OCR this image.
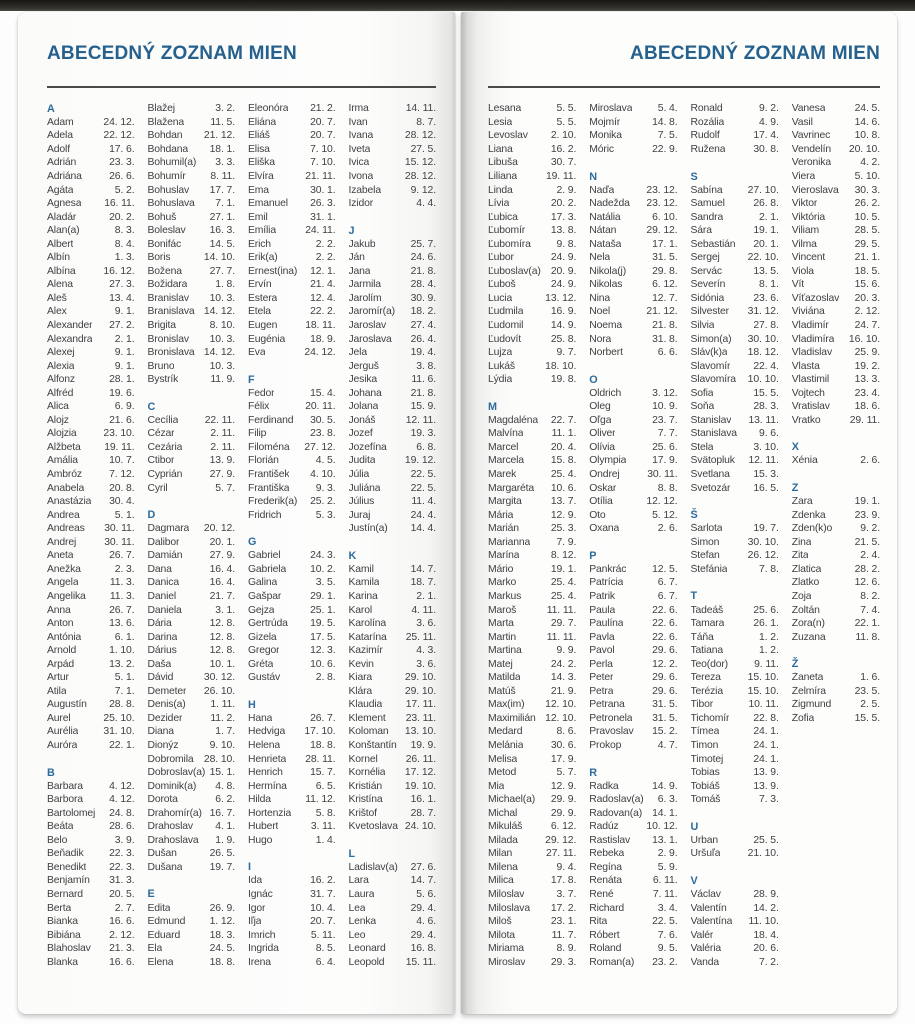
ABECEDNÝ ZOZNAM MIEN
A
Adam	24. 12.
Adela	22. 12.
Adolf	17. 6.
Adrián	23. 3.
Adriána	26. 6.
Agáta	5. 2.
Agnesa 16. 11.
Aladár	20. 2.
Alan(a)	8. 3.
Albert	8. 4.
Albín	1. 3.
Albína	16. 12.
Alena	27. 3.
Aleš	13. 4.
Alex	9. 1.
Alexander 27. 2.
Alexandra 2. 1.
Alexej	9. 1.
Alexia	9. 1.
Alfonz	28. 1.
Alfréd	19. 6.
Alica	6. 9.
Alojz	21. 6.
Alojzia	23. 10.
Alžbeta 19. 11.
Amália	10. 7.
Ambróz	7. 12.
Anabela 20. 8.
Anastázia 30. 4.
Andrea	5. 1.
Andreas 30. 11.
Andrej	30. 11.
Aneta	26. 7.
Anežka	2. 3.
Angela	11. 3.
Angelika 11. 3.
Anna	26. 7.
Anton	13. 6.
Antónia	6. 1.
Arnold	1. 10.
Arpád	13. 2.
Artur	5. 1.
Atila	7. 1.
Augustín 28. 8.
Aurel	25. 10.
Aurélia 31. 10.
Auróra	22. 1.
B
Barbara	4. 12.
Barbora	4. 12.
Bartolomej 24. 8.
Beáta	28. 6.
Belo	3. 9.
Beňadik 22. 3.
Benedikt 22. 3.
Benjamín 31. 3.
Bernard	20. 5.
Berta	2. 7.
Bianka	16. 6.
Bibiána	2. 12.
Blahoslav 21. 3.
Blanka	16. 6.
Blažej	3. 2.
Blažena	11. 5.
Bohdan 21. 12.
Bohdana 18. 1.
Bohumil(a) 3. 3.
Bohumír 8. 11.
Bohuslav 17. 7.
Bohuslava 7. 1.
Bohuš	27. 1.
Boleslav 16. 3.
Bonifác	14. 5.
Boris	14. 10.
Božena	27. 7.
Božidara	1. 8.
Branislav 10. 3.
Branislava 14. 12.
Brigita	8. 10.
Bronislav 10. 3.
Bronislava 14. 12.
Bruno	10. 3.
Bystrík	11. 9.
C
Cecília	22. 11.
Cézar	2. 11.
Cezária	2. 11.
Ctibor	13. 9.
Cyprián	27. 9.
Cyril	5. 7.
D
Dagmara 20. 12.
Dalibor	20. 1.
Damián	27. 9.
Dana	16. 4.
Danica	16. 4.
Daniel	21. 7.
Daniela	3. 1.
Dária	12. 8.
Darina	12. 8.
Dárius	12. 8.
Daša	10. 1.
Dávid	30. 12.
Demeter 26. 10.
Denis(a) 1. 11.
Dezider	11. 2.
Diana	1. 7.
Dionýz	9. 10.
Dobromila 28. 10.
Dobroslav(a) 15. 1.
Dominik(a) 4. 8.
Dorota	6. 2.
Drahomír(a) 16. 7.
Drahoslav 4. 1.
Drahoslava 1. 9.
Dušan	26. 5.
Dušana	19. 7.
E
Edita	26. 9.
Edmund 1. 12.
Eduard	18. 3.
Ela	24. 5.
Elena	18. 8.
Eleonóra 21. 2.
Eliána	20. 7.
Eliáš	20. 7.
Elisa	7. 10.
Eliška	7. 10.
Elvíra	21. 11.
Ema	30. 1.
Emanuel 26. 3.
Emil	31. 1.
Emília	24. 11.
Erich	2. 2.
Erik(a)	2. 2.
Ernest(ina) 12. 1.
Ervín	21. 4.
Estera	12. 4.
Etela	22. 2.
Eugen	18. 11.
Eugénia 18. 9.
Eva	24. 12.
F
Fedor	15. 4.
Félix	20. 11.
Ferdinand 30. 5.
Filip	23. 8.
Filoména 27. 12.
Florián	4. 5.
František 4. 10.
Františka	9. 3.
Frederik(a) 25. 2.
Fridrich	5. 3.
G
Gabriel	24. 3.
Gabriela 10. 2.
Galina	3. 5.
Gašpar	29. 1.
Gejza	25. 1.
Gertrúda 19. 5.
Gizela	17. 5.
Gregor	12. 3.
Gréta	10. 6.
Gustáv	2. 8.
H
Hana	26. 7.
Hedviga 17. 10.
Helena	18. 8.
Henrieta 28. 11.
Henrich	15. 7.
Hermína	6. 5.
Hilda	11. 12.
Hortenzia 5. 8.
Hubert	3. 11.
Hugo	1. 4.
I
Ida	16. 2.
Ignác	31. 7.
Igor	10. 4.
Iľja	20. 7.
Imrich	5. 11.
Ingrida	8. 5.
Irena	6. 4.
Irma	14. 11.
Ivan	8. 7.
Ivana	28. 12.
Iveta	27. 5.
Ivica	15. 12.
Ivona	28. 12.
Izabela	9. 12.
Izidor	4. 4.
J
Jakub	25. 7.
Ján	24. 6.
Jana	21. 8.
Jarmila	28. 4.
Jarolím	30. 9.
Jaromír(a) 18. 2.
Jaroslav 27. 4.
Jaroslava 26. 4.
Jela	19. 4.
Jerguš	3. 8.
Jesika	11. 6.
Johana	21. 8.
Jolana	15. 9.
Jonáš	12. 11.
Jozef	19. 3.
Jozefína	6. 8.
Judita	19. 12.
Júlia	22. 5.
Juliána	22. 5.
Július	11. 4.
Juraj	24. 4.
Justín(a) 14. 4.
K
Kamil	14. 7.
Kamila	18. 7.
Karina	2. 1.
Karol	4. 11.
Karolína	3. 6.
Katarína 25. 11.
Kazimír	4. 3.
Kevin	3. 6.
Kiara	29. 10.
Klára	29. 10.
Klaudia 17. 11.
Klement 23. 11.
Koloman 13. 10.
Konštantín 19. 9.
Kornel	26. 11.
Kornélia 17. 12.
Kristián 19. 10.
Kristína	16. 1.
Krištof	28. 7.
Kvetoslava 24. 10.
L
Ladislav(a) 27. 6.
Lara	14. 7.
Laura	5. 6.
Lea	29. 4.
Lenka	4. 6.
Leo	29. 4.
Leonard 16. 8.
Leopold 15. 11.
ABECEDNÝ ZOZNAM MIEN
Lesana	5. 5.
Lesia	5. 5.
Levoslav 2. 10.
Liana	16. 2.
Libuša	30. 7.
Liliana	19. 11.
Linda	2. 9.
Lívia	20. 2.
Ľubica	17. 3.
Ľubomír 13. 8.
Ľubomíra 9. 8.
Ľubor	24. 9.
Ľuboslav(a) 20. 9.
Ľuboš	24. 9.
Lucia	13. 12.
Ľudmila	16. 9.
Ľudomil	14. 9.
Ľudovít	25. 8.
Lujza	9. 7.
Lukáš	18. 10.
Lýdia	19. 8.
M
Magdaléna 22. 7.
Malvína	11. 1.
Marcel	20. 4.
Marcela	15. 8.
Marek	25. 4.
Margaréta 10. 6.
Margita	13. 7.
Mária	12. 9.
Marián	25. 3.
Marianna	7. 9.
Marína	8. 12.
Mário	19. 1.
Marko	25. 4.
Markus	25. 4.
Maroš	11. 11.
Marta	29. 7.
Martin	11. 11.
Martina	9. 9.
Matej	24. 2.
Matilda	14. 3.
Matúš	21. 9.
Max(im) 12. 10.
Maximilián 12. 10.
Medard	8. 6.
Melánia	30. 6.
Melisa	17. 9.
Metod	5. 7.
Mia	12. 9.
Michael(a) 29. 9.
Michal	29. 9.
Mikuláš	6. 12.
Milada	29. 12.
Milan	27. 11.
Milena	9. 4.
Milica	17. 8.
Miloslav	3. 7.
Miloslava 17. 2.
Miloš	23. 1.
Milota	11. 7.
Miriama	8. 9.
Miroslav 29. 3.
Miroslava 5. 4.
Mojmír	14. 8.
Monika	7. 5.
Móric	22. 9.
N
Naďa	23. 12.
Nadežda 23. 12.
Natália	6. 10.
Nátan	29. 12.
Nataša	17. 1.
Nela	31. 5.
Nikola(j)	29. 8.
Nikolas	6. 12.
Nina	12. 7.
Noel	21. 12.
Noema	21. 8.
Nora	31. 8.
Norbert	6. 6.
O
Oldrich	3. 12.
Oleg	10. 9.
Oľga	23. 7.
Oliver	7. 7.
Olívia	25. 6.
Olympia 17. 9.
Ondrej	30. 11.
Oskar	8. 8.
Otília	12. 12.
Oto	5. 12.
Oxana	2. 6.
P
Pankrác 12. 5.
Patrícia	6. 7.
Patrik	6. 7.
Paula	22. 6.
Paulína	22. 6.
Pavla	22. 6.
Pavol	29. 6.
Perla	12. 2.
Peter	29. 6.
Petra	29. 6.
Petrana	31. 5.
Petronela 31. 5.
Pravoslav 15. 2.
Prokop	4. 7.
R
Radka	14. 9.
Radoslav(a) 6. 3.
Radovan(a) 14. 1.
Radúz	10. 12.
Rastislav 13. 1.
Rebeka	2. 9.
Regína	5. 9.
Renáta	6. 11.
René	7. 11.
Richard	3. 4.
Rita	22. 5.
Róbert	7. 6.
Roland	9. 5.
Roman(a) 23. 2.
Ronald	9. 2.
Rozália	4. 9.
Rudolf	17. 4.
Ružena	30. 8.
S
Sabína 27. 10.
Samuel	26. 8.
Sandra	2. 1.
Sára	19. 1.
Sebastián 20. 1.
Sergej	22. 10.
Servác	13. 5.
Severín	8. 1.
Sidónia	23. 6.
Silvester 31. 12.
Silvia	27. 8.
Simon(a) 30. 10.
Sláv(k)a 18. 12.
Slavomír 22. 4.
Slavomíra 10. 10.
Sofia	15. 5.
Soňa	28. 3.
Stanislav 13. 11.
Stanislava 9. 6.
Stela	3. 10.
Svätopluk 12. 11.
Svetlana 15. 3.
Svetozár 16. 5.
Š
Šarlota	19. 7.
Šimon	30. 10.
Štefan	26. 12.
Štefánia	7. 8.
T
Tadeáš	25. 6.
Tamara	26. 1.
Táňa	1. 2.
Tatiana	1. 2.
Teo(dor)	9. 11.
Tereza	15. 10.
Terézia 15. 10.
Tibor	10. 11.
Tichomír 22. 8.
Tímea	24. 1.
Timon	24. 1.
Timotej	24. 1.
Tobias	13. 9.
Tobiáš	13. 9.
Tomáš	7. 3.
U
Urban	25. 5.
Uršuľa	21. 10.
V
Václav	28. 9.
Valentín	14. 2.
Valentína 11. 10.
Valér	18. 4.
Valéria	20. 6.
Vanda	7. 2.
Vanesa	24. 5.
Vasil	14. 6.
Vavrinec 10. 8.
Vendelín 20. 10.
Veronika	4. 2.
Viera	5. 10.
Vieroslava 30. 3.
Viktor	26. 2.
Viktória	10. 5.
Viliam	28. 5.
Vilma	29. 5.
Vincent	21. 1.
Viola	18. 5.
Vít	15. 6.
Víťazoslav 20. 3.
Viviána	2. 12.
Vladimír 24. 7.
Vladimíra 16. 10.
Vladislav 25. 9.
Vlasta	19. 2.
Vlastimil 13. 3.
Vojtech	23. 4.
Vratislav 18. 6.
Vratko	29. 11.
X
Xénia	2. 6.
Z
Zara	19. 1.
Zdenka	23. 9.
Zden(k)o	9. 2.
Zina	21. 5.
Zita	2. 4.
Zlatica	28. 2.
Zlatko	12. 6.
Zoja	8. 2.
Zoltán	7. 4.
Zora(n)	22. 1.
Zuzana	11. 8.
Ž
Žaneta	1. 6.
Želmíra	23. 5.
Žigmund	2. 5.
Žofia	15. 5.
